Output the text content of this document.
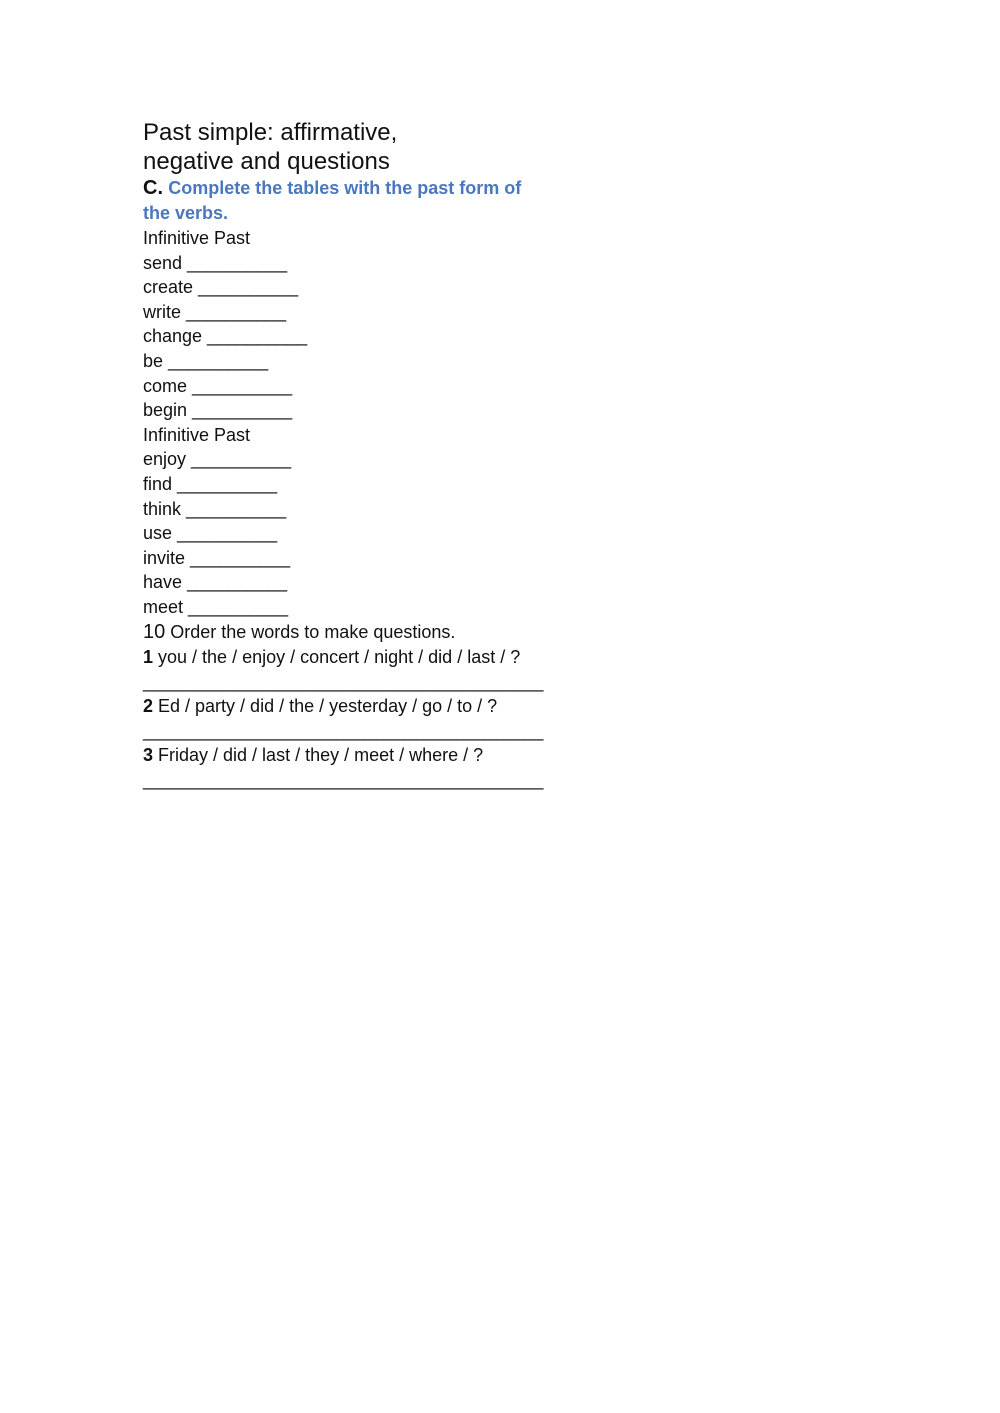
Past simple: affirmative,
negative and questions
C. Complete the tables with the past form of
the verbs.
Infinitive Past
send __________
create __________
write __________
change __________
be __________
come __________
begin __________
Infinitive Past
enjoy __________
find __________
think __________
use __________
invite __________
have __________
meet __________
10 Order the words to make questions.
1 you / the / enjoy / concert / night / did / last / ?
________________________________________
2 Ed / party / did / the / yesterday / go / to / ?
________________________________________
3 Friday / did / last / they / meet / where / ?
________________________________________
